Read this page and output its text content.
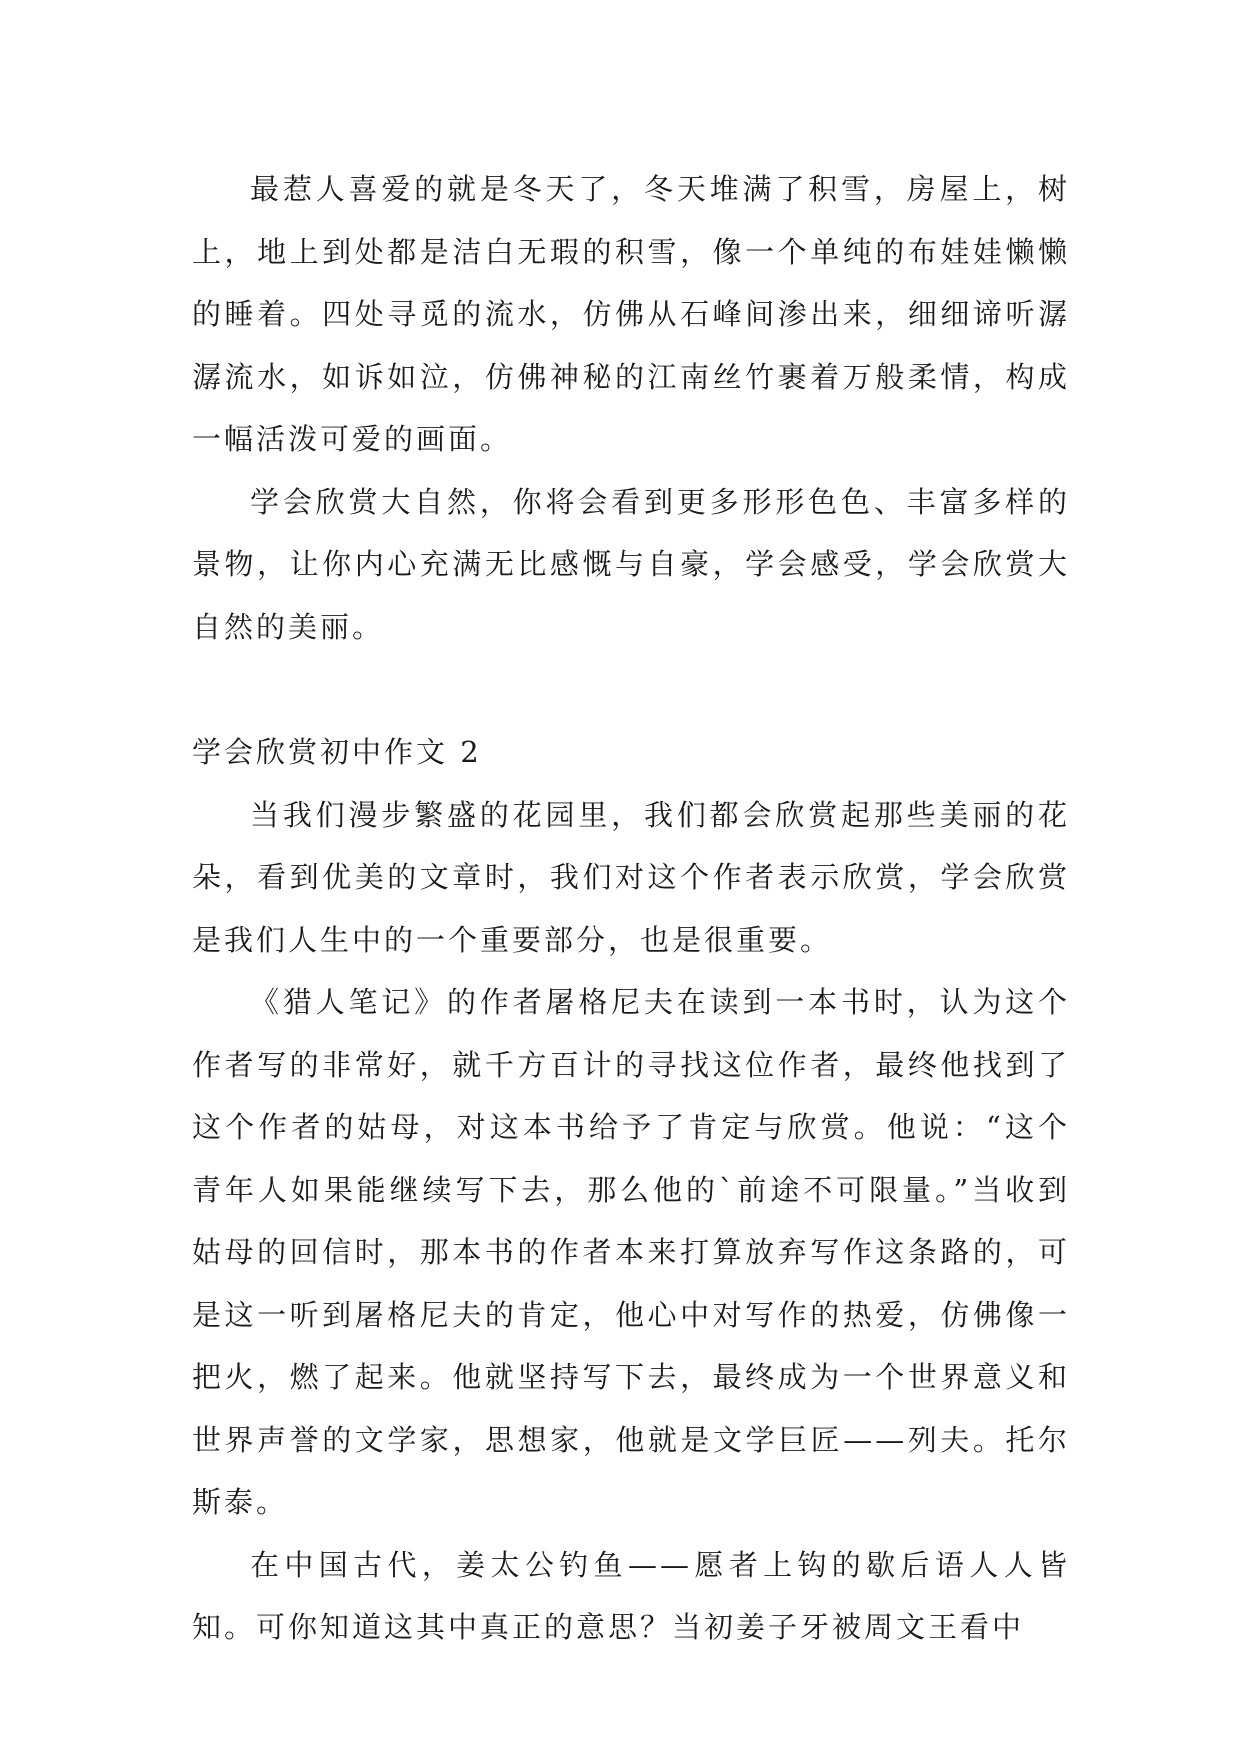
最惹人喜爱的就是冬天了，冬天堆满了积雪，房屋上，树上，地上到处都是洁白无瑕的积雪，像一个单纯的布娃娃懒懒的睡着。四处寻觅的流水，仿佛从石峰间渗出来，细细谛听潺潺流水，如诉如泣，仿佛神秘的江南丝竹裹着万般柔情，构成一幅活泼可爱的画面。

学会欣赏大自然，你将会看到更多形形色色、丰富多样的景物，让你内心充满无比感慨与自豪，学会感受，学会欣赏大自然的美丽。

学会欣赏初中作文 2

当我们漫步繁盛的花园里，我们都会欣赏起那些美丽的花朵，看到优美的文章时，我们对这个作者表示欣赏，学会欣赏是我们人生中的一个重要部分，也是很重要。

《猎人笔记》的作者屠格尼夫在读到一本书时，认为这个作者写的非常好，就千方百计的寻找这位作者，最终他找到了这个作者的姑母，对这本书给予了肯定与欣赏。他说：“这个青年人如果能继续写下去，那么他的`前途不可限量。”当收到姑母的回信时，那本书的作者本来打算放弃写作这条路的，可是这一听到屠格尼夫的肯定，他心中对写作的热爱，仿佛像一把火，燃了起来。他就坚持写下去，最终成为一个世界意义和世界声誉的文学家，思想家，他就是文学巨匠——列夫。托尔斯泰。

在中国古代，姜太公钓鱼——愿者上钩的歇后语人人皆知。可你知道这其中真正的意思？当初姜子牙被周文王看中
